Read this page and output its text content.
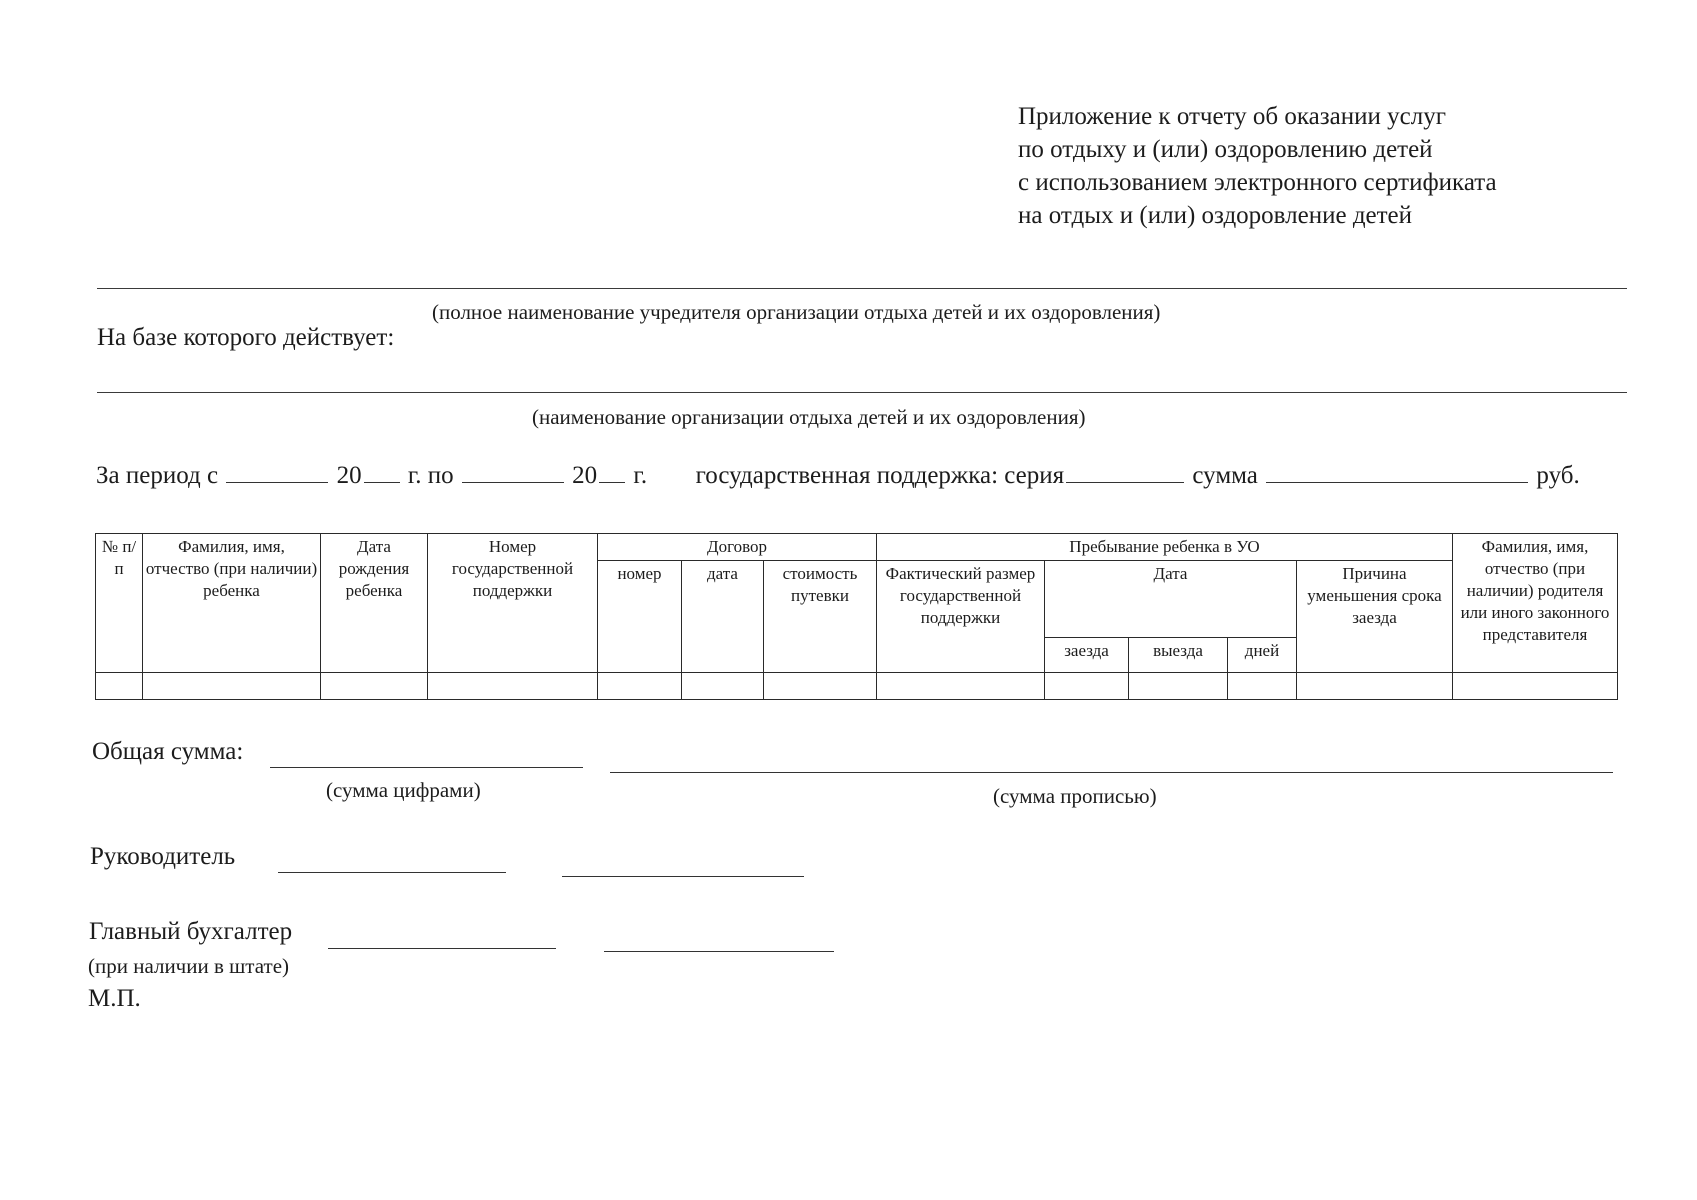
Приложение к отчету об оказании услуг
по отдыху и (или) оздоровлению детей
с использованием электронного сертификата
на отдых и (или) оздоровление детей
(полное наименование учредителя организации отдыха детей и их оздоровления)
На базе которого действует:
(наименование организации отдыха детей и их оздоровления)
За период с	20 г. по	20 г. государственная поддержка: серия	сумма	руб.
№ п/п	Фамилия, имя, отчество (при наличии) ребенка	Дата рождения ребенка	Номер государственной поддержки	Договор			Пребывание ребенка в УО					Фамилия, имя, отчество (при наличии) родителя или иного законного представителя
				номер	дата	стоимость путевки	Фактический размер государственной поддержки	Дата			Причина уменьшения срока заезда	
								заезда	выезда	дней		

Общая сумма:
(сумма цифрами)	(сумма прописью)
Руководитель
Главный бухгалтер
(при наличии в штате)
М.П.
